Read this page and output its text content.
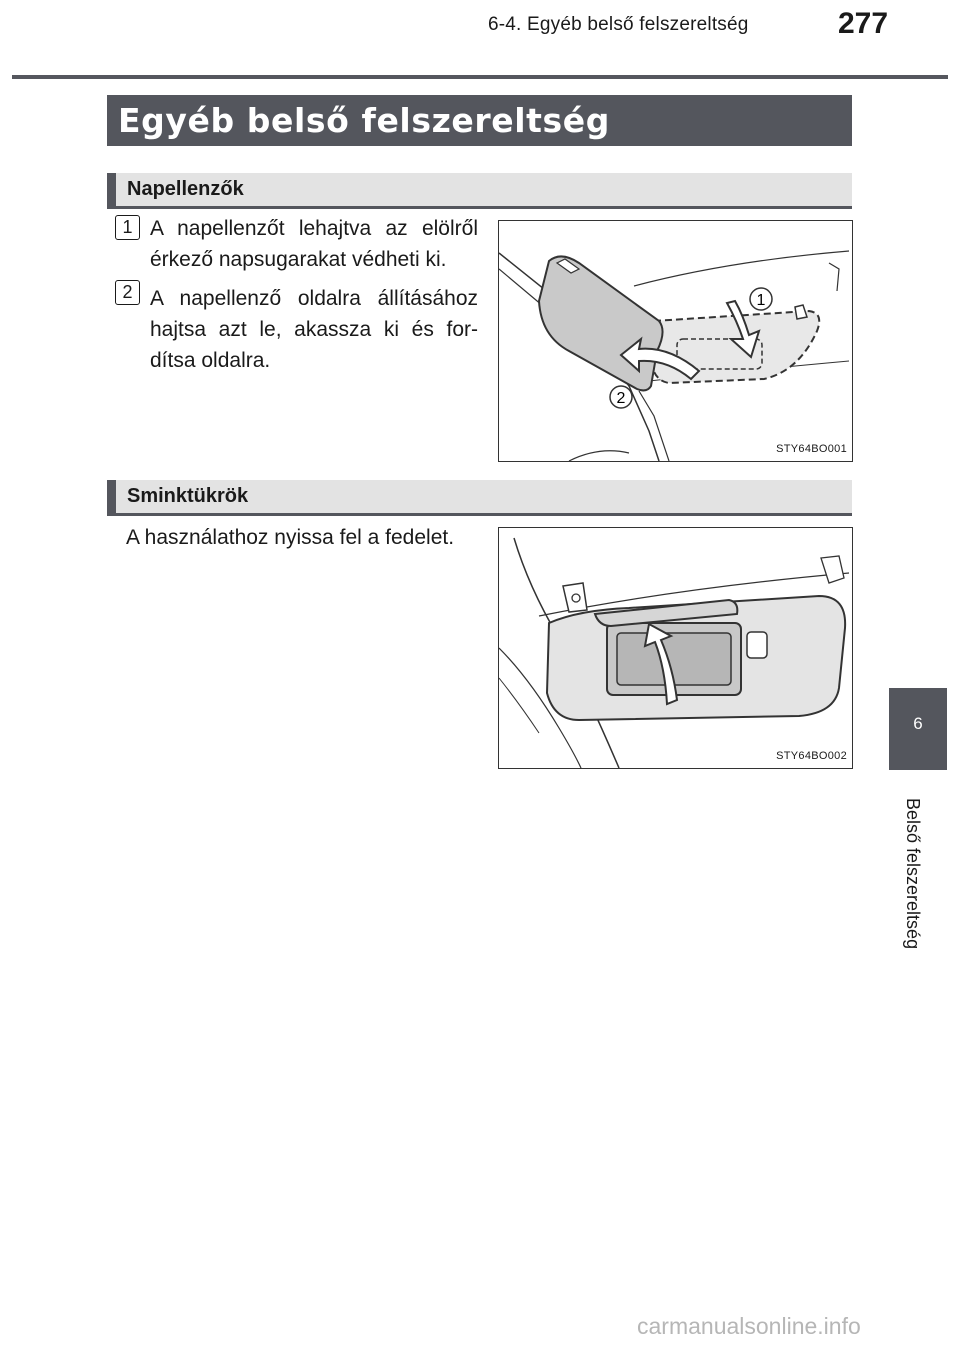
6-4. Egyéb belső felszereltség	277
Egyéb belső felszereltség
Napellenzők
1 A napellenzőt lehajtva az elölről érkező napsugarakat védheti ki.
2 A napellenző oldalra állításához hajtsa azt le, akassza ki és for-dítsa oldalra.
1
2
STY64BO001
Sminktükrök
A használathoz nyissa fel a fedelet.
STY64BO002
6
Belső felszereltség
carmanualsonline.info
